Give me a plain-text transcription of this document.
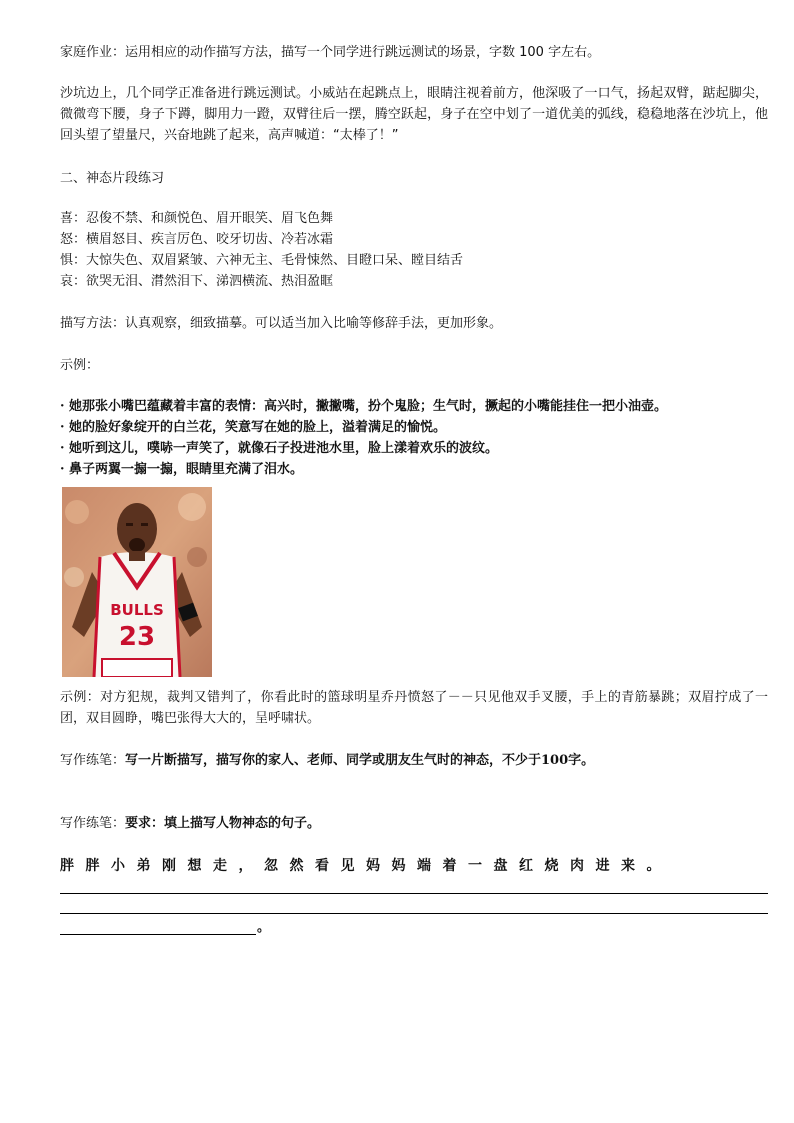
家庭作业：运用相应的动作描写方法，描写一个同学进行跳远测试的场景，字数 100 字左右。
沙坑边上，几个同学正准备进行跳远测试。小威站在起跳点上，眼睛注视着前方，他深吸了一口气，扬起双臂，踮起脚尖，微微弯下腰，身子下蹲，脚用力一蹬，双臂往后一摆，腾空跃起，身子在空中划了一道优美的弧线，稳稳地落在沙坑上，他回头望了望量尺，兴奋地跳了起来，高声喊道：“太棒了！”
二、神态片段练习
喜：忍俊不禁、和颜悦色、眉开眼笑、眉飞色舞
怒：横眉怒目、疾言厉色、咬牙切齿、冷若冰霜
惧：大惊失色、双眉紧皱、六神无主、毛骨悚然、目瞪口呆、瞠目结舌
哀：欲哭无泪、潸然泪下、涕泗横流、热泪盈眶
描写方法：认真观察，细致描摹。可以适当加入比喻等修辞手法，更加形象。
示例：
· 她那张小嘴巴蕴藏着丰富的表情：高兴时，撇撇嘴，扮个鬼脸；生气时，撅起的小嘴能挂住一把小油壶。
· 她的脸好象绽开的白兰花，笑意写在她的脸上，溢着满足的愉悦。
· 她听到这儿，噗哧一声笑了，就像石子投进池水里，脸上漾着欢乐的波纹。
· 鼻子两翼一搧一搧，眼睛里充满了泪水。
BULLS
23
示例：对方犯规，裁判又错判了，你看此时的篮球明星乔丹愤怒了－－只见他双手叉腰，手上的青筋暴跳；双眉拧成了一团，双目圆睁，嘴巴张得大大的，呈呼啸状。
写作练笔：写一片断描写，描写你的家人、老师、同学或朋友生气时的神态，不少于100字。
写作练笔：要求：填上描写人物神态的句子。
胖胖小弟刚想走，忽然看见妈妈端着一盘红烧肉进来。
。
